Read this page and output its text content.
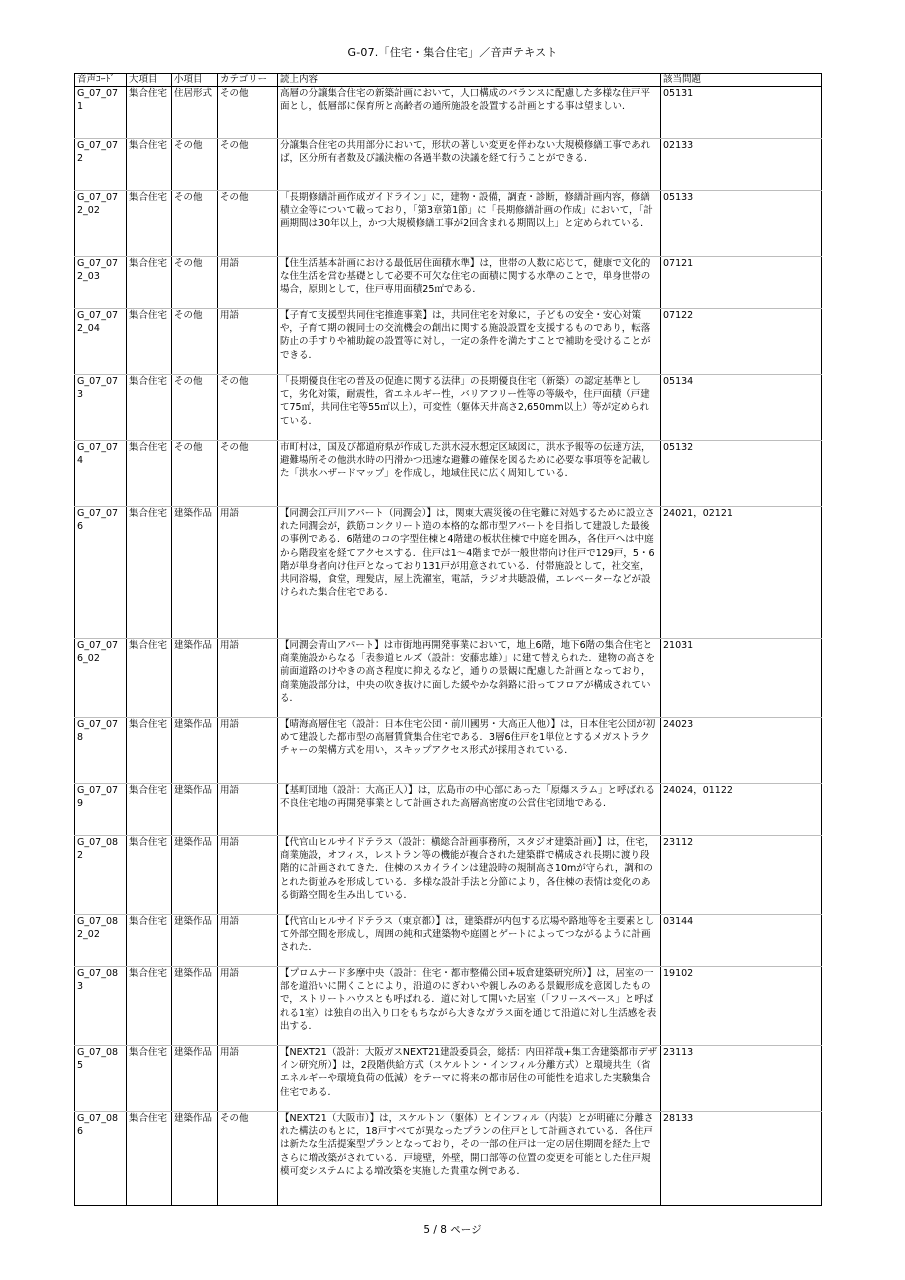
G-07.「住宅・集合住宅」／音声テキスト
音声ｺｰﾄﾞ	大項目	小項目	カテゴリー	読上内容	該当問題
G_07_071	集合住宅	住居形式	その他	高層の分譲集合住宅の新築計画において，人口構成のバランスに配慮した多様な住戸平面とし，低層部に保育所と高齢者の通所施設を設置する計画とする事は望ましい．	05131
G_07_072	集合住宅	その他	その他	分譲集合住宅の共用部分において，形状の著しい変更を伴わない大規模修繕工事であれば，区分所有者数及び議決権の各過半数の決議を経て行うことができる．	02133
G_07_072_02	集合住宅	その他	その他	「長期修繕計画作成ガイドライン」に，建物・設備，調査・診断，修繕計画内容，修繕積立金等について載っており，「第3章第1節」に「長期修繕計画の作成」において，「計画期間は30年以上，かつ大規模修繕工事が2回含まれる期間以上」と定められている．	05133
G_07_072_03	集合住宅	その他	用語	【住生活基本計画における最低居住面積水準】は，世帯の人数に応じて，健康で文化的な住生活を営む基礎として必要不可欠な住宅の面積に関する水準のことで，単身世帯の場合，原則として，住戸専用面積25㎡である．	07121
G_07_072_04	集合住宅	その他	用語	【子育て支援型共同住宅推進事業】は，共同住宅を対象に，子どもの安全・安心対策や，子育て期の親同士の交流機会の創出に関する施設設置を支援するものであり，転落防止の手すりや補助錠の設置等に対し，一定の条件を満たすことで補助を受けることができる．	07122
G_07_073	集合住宅	その他	その他	「長期優良住宅の普及の促進に関する法律」の長期優良住宅（新築）の認定基準として，劣化対策，耐震性，省エネルギー性，バリアフリー性等の等級や，住戸面積（戸建て75㎡，共同住宅等55㎡以上），可変性（躯体天井高さ2,650mm以上）等が定められている．	05134
G_07_074	集合住宅	その他	その他	市町村は，国及び都道府県が作成した洪水浸水想定区域図に，洪水予報等の伝達方法，避難場所その他洪水時の円滑かつ迅速な避難の確保を図るために必要な事項等を記載した「洪水ハザードマップ」を作成し，地域住民に広く周知している．	05132
G_07_076	集合住宅	建築作品	用語	【同潤会江戸川アパート（同潤会）】は，関東大震災後の住宅難に対処するために設立された同潤会が，鉄筋コンクリート造の本格的な都市型アパートを目指して建設した最後の事例である．6階建のコの字型住棟と4階建の板状住棟で中庭を囲み，各住戸へは中庭から階段室を経てアクセスする．住戸は1～4階までが一般世帯向け住戸で129戸，5・6階が単身者向け住戸となっており131戸が用意されている．付帯施設として，社交室，共同浴場，食堂，理髪店，屋上洗濯室，電話，ラジオ共聴設備，エレベーターなどが設けられた集合住宅である．	24021，02121
G_07_076_02	集合住宅	建築作品	用語	【同潤会青山アパート】は市街地再開発事業において，地上6階，地下6階の集合住宅と商業施設からなる「表参道ヒルズ（設計：安藤忠雄）」に建て替えられた．建物の高さを前面道路のけやきの高さ程度に抑えるなど，通りの景観に配慮した計画となっており，商業施設部分は，中央の吹き抜けに面した緩やかな斜路に沿ってフロアが構成されている．	21031
G_07_078	集合住宅	建築作品	用語	【晴海高層住宅（設計：日本住宅公団・前川國男・大高正人他）】は，日本住宅公団が初めて建設した都市型の高層賃貸集合住宅である．3層6住戸を1単位とするメガストラクチャーの架構方式を用い，スキップアクセス形式が採用されている．	24023
G_07_079	集合住宅	建築作品	用語	【基町団地（設計：大高正人）】は，広島市の中心部にあった「原爆スラム」と呼ばれる不良住宅地の再開発事業として計画された高層高密度の公営住宅団地である．	24024，01122
G_07_082	集合住宅	建築作品	用語	【代官山ヒルサイドテラス（設計：槇総合計画事務所，スタジオ建築計画）】は，住宅，商業施設，オフィス，レストラン等の機能が複合された建築群で構成され長期に渡り段階的に計画されてきた．住棟のスカイラインは建設時の規制高さ10mが守られ，調和のとれた街並みを形成している．多様な設計手法と分節により，各住棟の表情は変化のある街路空間を生み出している．	23112
G_07_082_02	集合住宅	建築作品	用語	【代官山ヒルサイドテラス（東京都）】は，建築群が内包する広場や路地等を主要素として外部空間を形成し，周囲の純和式建築物や庭園とゲートによってつながるように計画された．	03144
G_07_083	集合住宅	建築作品	用語	【プロムナード多摩中央（設計：住宅・都市整備公団+坂倉建築研究所）】は，居室の一部を道沿いに開くことにより，沿道のにぎわいや親しみのある景観形成を意図したもので，ストリートハウスとも呼ばれる．道に対して開いた居室（「フリースペース」と呼ばれる1室）は独自の出入り口をもちながら大きなガラス面を通じて沿道に対し生活感を表出する．	19102
G_07_085	集合住宅	建築作品	用語	【NEXT21（設計：大阪ガスNEXT21建設委員会，総括：内田祥哉+集工舎建築都市デザイン研究所）】は，2段階供給方式（スケルトン・インフィル分離方式）と環境共生（省エネルギーや環境負荷の低減）をテーマに将来の都市居住の可能性を追求した実験集合住宅である．	23113
G_07_086	集合住宅	建築作品	その他	【NEXT21（大阪市）】は，スケルトン（躯体）とインフィル（内装）とが明確に分離された構法のもとに，18戸すべてが異なったプランの住戸として計画されている．各住戸は新たな生活提案型プランとなっており，その一部の住戸は一定の居住期間を経た上でさらに増改築がされている．戸境壁，外壁，開口部等の位置の変更を可能とした住戸規模可変システムによる増改築を実施した貴重な例である．	28133
5 / 8 ページ
